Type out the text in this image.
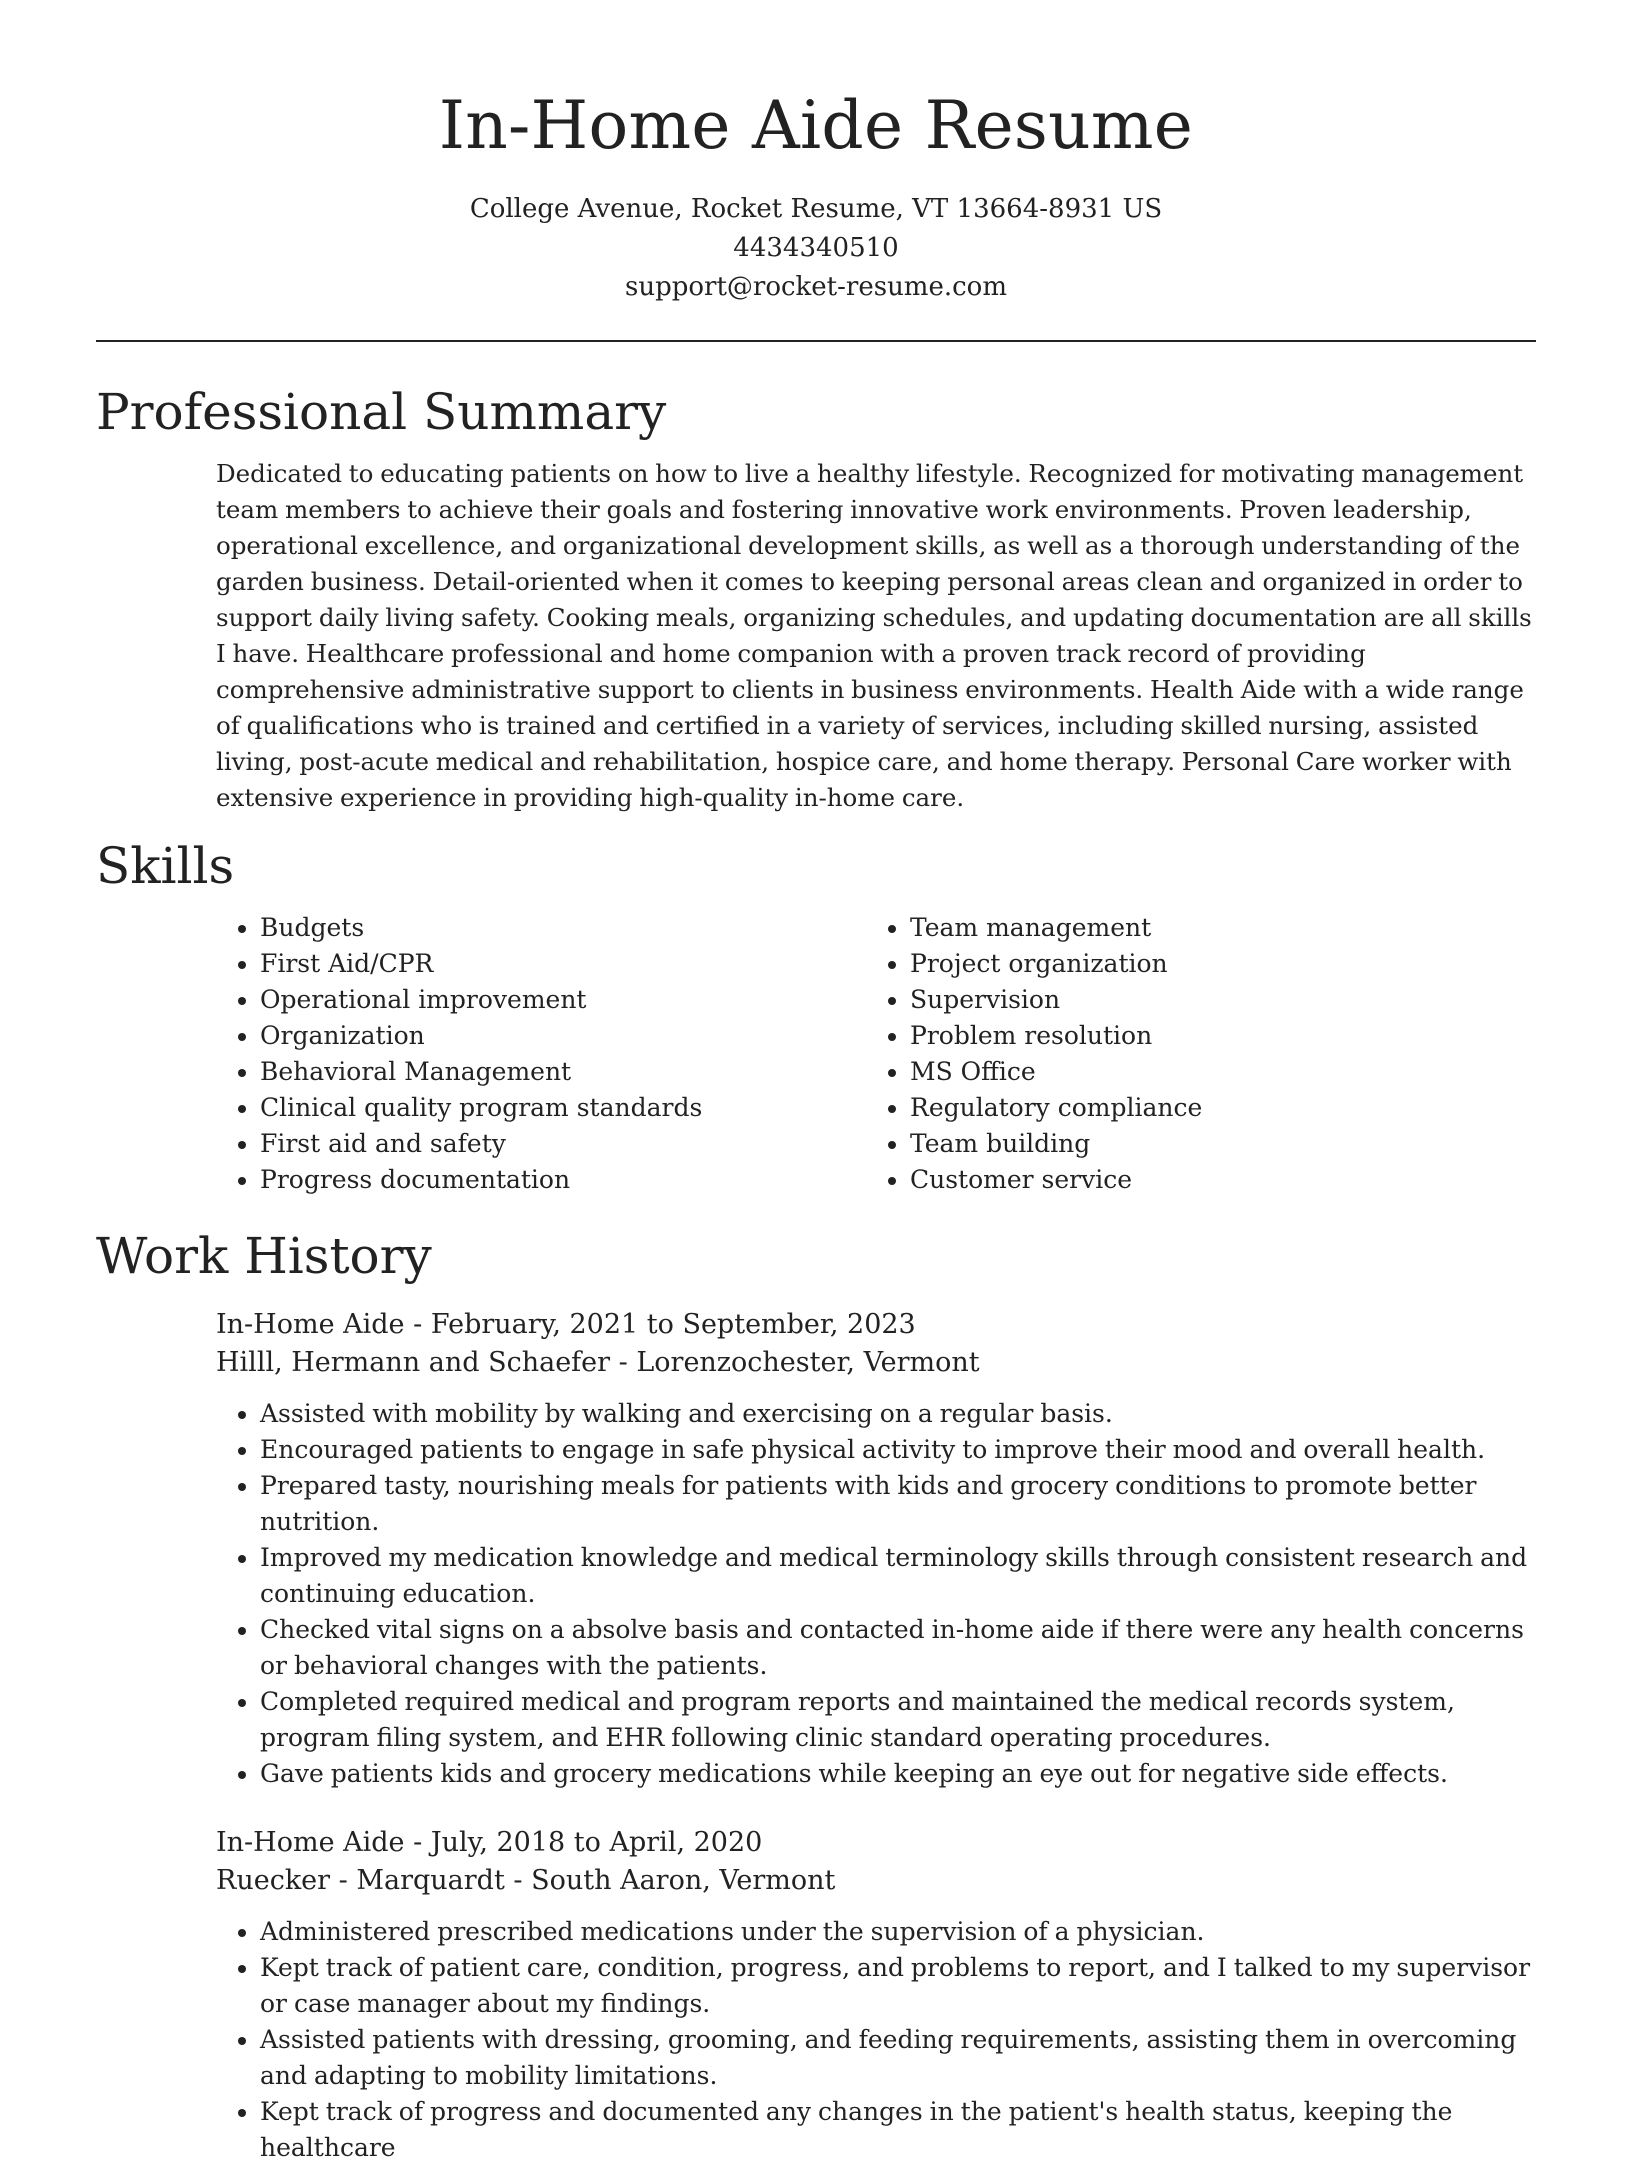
In-Home Aide Resume
College Avenue, Rocket Resume, VT 13664-8931 US
4434340510
support@rocket-resume.com
Professional Summary

Dedicated to educating patients on how to live a healthy lifestyle. Recognized for motivating management team members to achieve their goals and fostering innovative work environments. Proven leadership, operational excellence, and organizational development skills, as well as a thorough understanding of the garden business. Detail-oriented when it comes to keeping personal areas clean and organized in order to support daily living safety. Cooking meals, organizing schedules, and updating documentation are all skills I have. Healthcare professional and home companion with a proven track record of providing comprehensive administrative support to clients in business environments. Health Aide with a wide range of qualifications who is trained and certified in a variety of services, including skilled nursing, assisted living, post-acute medical and rehabilitation, hospice care, and home therapy. Personal Care worker with extensive experience in providing high-quality in-home care.

Skills
• Budgets
• First Aid/CPR
• Operational improvement
• Organization
• Behavioral Management
• Clinical quality program standards
• First aid and safety
• Progress documentation
• Team management
• Project organization
• Supervision
• Problem resolution
• MS Office
• Regulatory compliance
• Team building
• Customer service
Work History
In-Home Aide - February, 2021 to September, 2023
Hilll, Hermann and Schaefer - Lorenzochester, Vermont
• Assisted with mobility by walking and exercising on a regular basis.
• Encouraged patients to engage in safe physical activity to improve their mood and overall health.
• Prepared tasty, nourishing meals for patients with kids and grocery conditions to promote better nutrition.
• Improved my medication knowledge and medical terminology skills through consistent research and continuing education.
• Checked vital signs on a absolve basis and contacted in-home aide if there were any health concerns or behavioral changes with the patients.
• Completed required medical and program reports and maintained the medical records system, program filing system, and EHR following clinic standard operating procedures.
• Gave patients kids and grocery medications while keeping an eye out for negative side effects.
In-Home Aide - July, 2018 to April, 2020
Ruecker - Marquardt - South Aaron, Vermont
• Administered prescribed medications under the supervision of a physician.
• Kept track of patient care, condition, progress, and problems to report, and I talked to my supervisor or case manager about my findings.
• Assisted patients with dressing, grooming, and feeding requirements, assisting them in overcoming and adapting to mobility limitations.
• Kept track of progress and documented any changes in the patient's health status, keeping the healthcare
